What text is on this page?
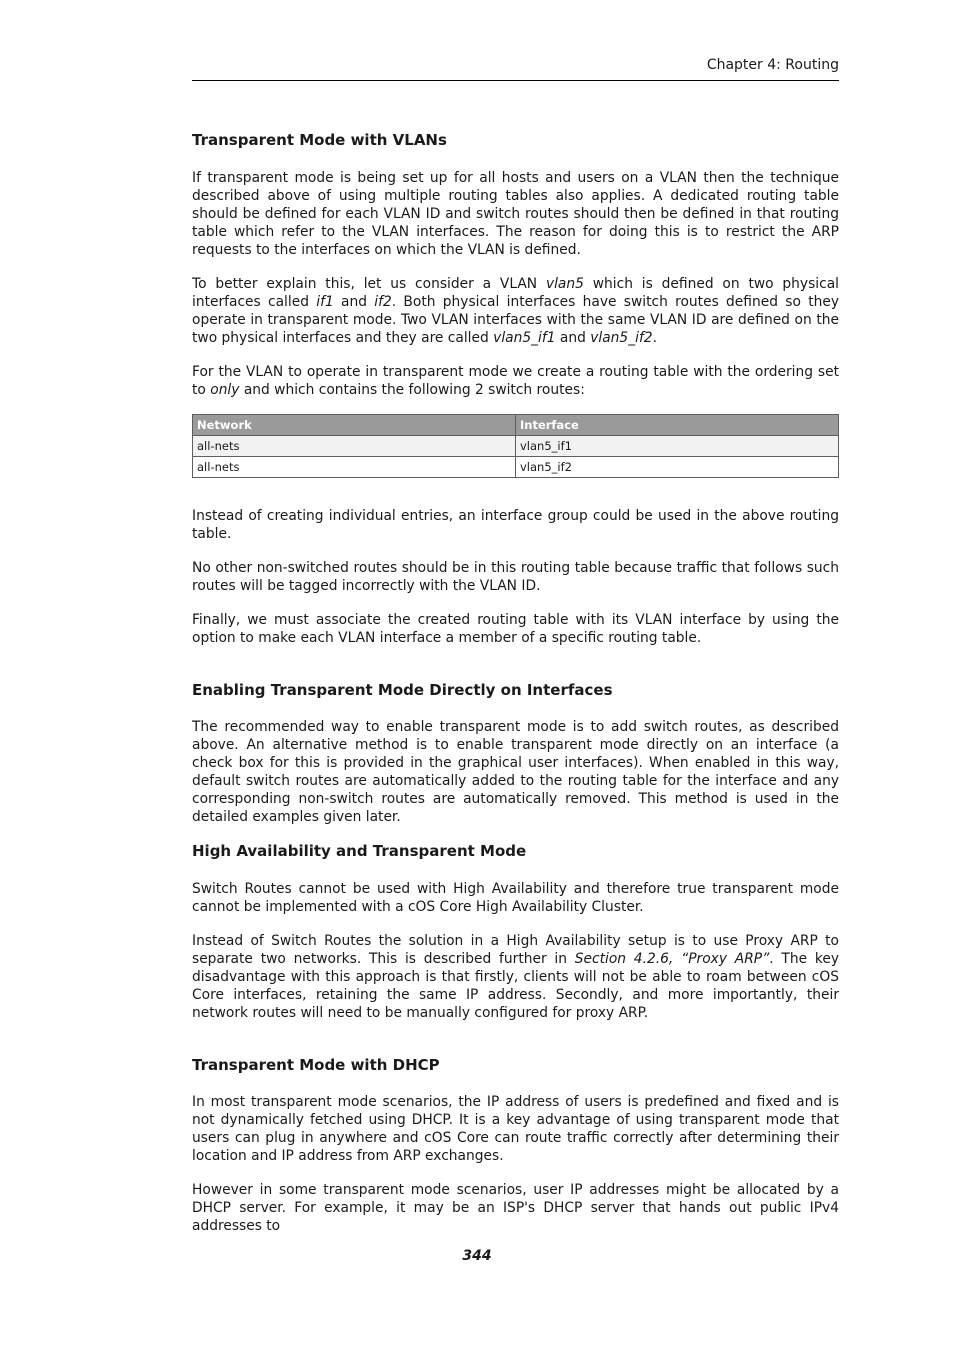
Chapter 4: Routing
Transparent Mode with VLANs

If transparent mode is being set up for all hosts and users on a VLAN then the technique described above of using multiple routing tables also applies. A dedicated routing table should be defined for each VLAN ID and switch routes should then be defined in that routing table which refer to the VLAN interfaces. The reason for doing this is to restrict the ARP requests to the interfaces on which the VLAN is defined.

To better explain this, let us consider a VLAN vlan5 which is defined on two physical interfaces called if1 and if2. Both physical interfaces have switch routes defined so they operate in transparent mode. Two VLAN interfaces with the same VLAN ID are defined on the two physical interfaces and they are called vlan5_if1 and vlan5_if2.

For the VLAN to operate in transparent mode we create a routing table with the ordering set to only and which contains the following 2 switch routes:

Network	Interface
all-nets	vlan5_if1
all-nets	vlan5_if2

Instead of creating individual entries, an interface group could be used in the above routing table.

No other non-switched routes should be in this routing table because traffic that follows such routes will be tagged incorrectly with the VLAN ID.

Finally, we must associate the created routing table with its VLAN interface by using the option to make each VLAN interface a member of a specific routing table.

Enabling Transparent Mode Directly on Interfaces

The recommended way to enable transparent mode is to add switch routes, as described above. An alternative method is to enable transparent mode directly on an interface (a check box for this is provided in the graphical user interfaces). When enabled in this way, default switch routes are automatically added to the routing table for the interface and any corresponding non-switch routes are automatically removed. This method is used in the detailed examples given later.

High Availability and Transparent Mode

Switch Routes cannot be used with High Availability and therefore true transparent mode cannot be implemented with a cOS Core High Availability Cluster.

Instead of Switch Routes the solution in a High Availability setup is to use Proxy ARP to separate two networks. This is described further in Section 4.2.6, “Proxy ARP”. The key disadvantage with this approach is that firstly, clients will not be able to roam between cOS Core interfaces, retaining the same IP address. Secondly, and more importantly, their network routes will need to be manually configured for proxy ARP.

Transparent Mode with DHCP

In most transparent mode scenarios, the IP address of users is predefined and fixed and is not dynamically fetched using DHCP. It is a key advantage of using transparent mode that users can plug in anywhere and cOS Core can route traffic correctly after determining their location and IP address from ARP exchanges.

However in some transparent mode scenarios, user IP addresses might be allocated by a DHCP server. For example, it may be an ISP's DHCP server that hands out public IPv4 addresses to

344
